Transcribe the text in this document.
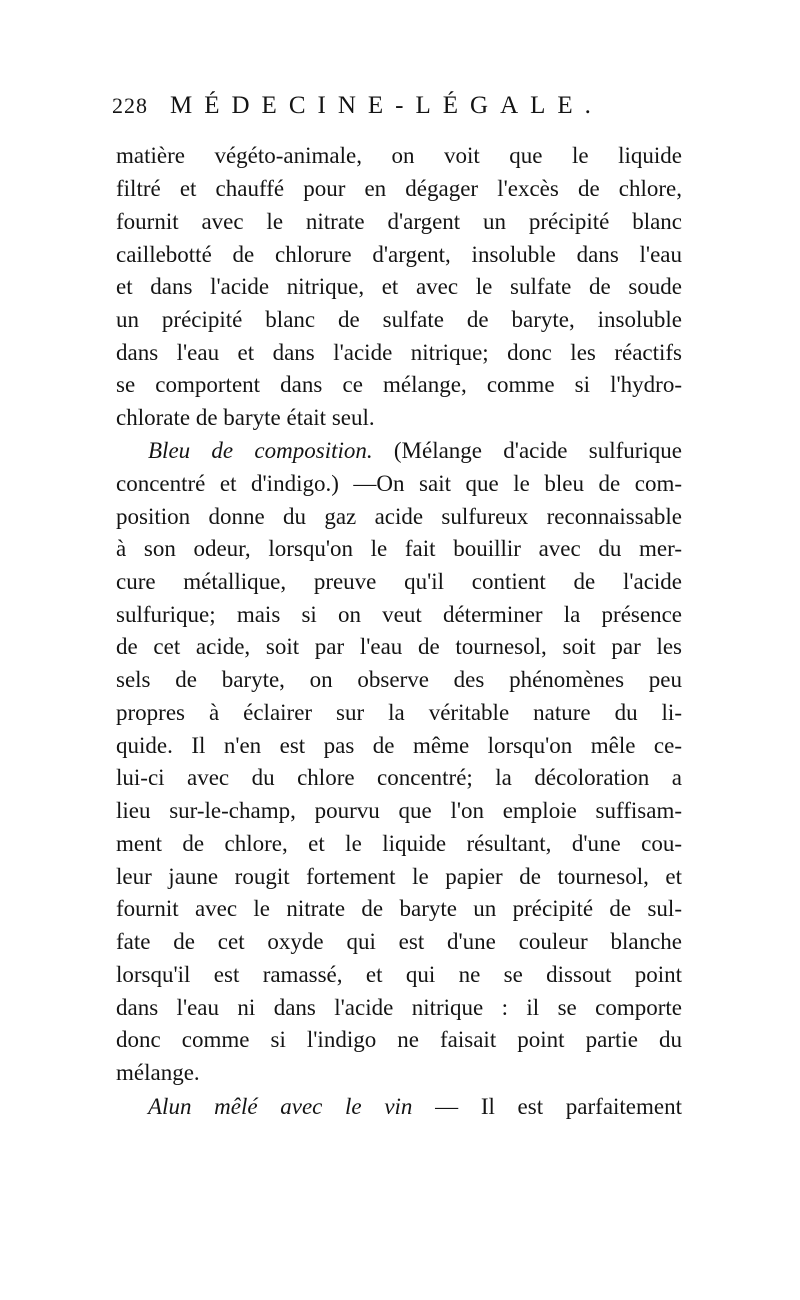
228 MÉDECINE-LÉGALE.
matière végéto-animale, on voit que le liquide
filtré et chauffé pour en dégager l'excès de chlore,
fournit avec le nitrate d'argent un précipité blanc
caillebotté de chlorure d'argent, insoluble dans l'eau
et dans l'acide nitrique, et avec le sulfate de soude
un précipité blanc de sulfate de baryte, insoluble
dans l'eau et dans l'acide nitrique; donc les réactifs
se comportent dans ce mélange, comme si l'hydro-
chlorate de baryte était seul.
Bleu de composition. (Mélange d'acide sulfurique
concentré et d'indigo.) —On sait que le bleu de com-
position donne du gaz acide sulfureux reconnaissable
à son odeur, lorsqu'on le fait bouillir avec du mer-
cure métallique, preuve qu'il contient de l'acide
sulfurique; mais si on veut déterminer la présence
de cet acide, soit par l'eau de tournesol, soit par les
sels de baryte, on observe des phénomènes peu
propres à éclairer sur la véritable nature du li-
quide. Il n'en est pas de même lorsqu'on mêle ce-
lui-ci avec du chlore concentré; la décoloration a
lieu sur-le-champ, pourvu que l'on emploie suffisam-
ment de chlore, et le liquide résultant, d'une cou-
leur jaune rougit fortement le papier de tournesol, et
fournit avec le nitrate de baryte un précipité de sul-
fate de cet oxyde qui est d'une couleur blanche
lorsqu'il est ramassé, et qui ne se dissout point
dans l'eau ni dans l'acide nitrique : il se comporte
donc comme si l'indigo ne faisait point partie du
mélange.
Alun mêlé avec le vin — Il est parfaitement
